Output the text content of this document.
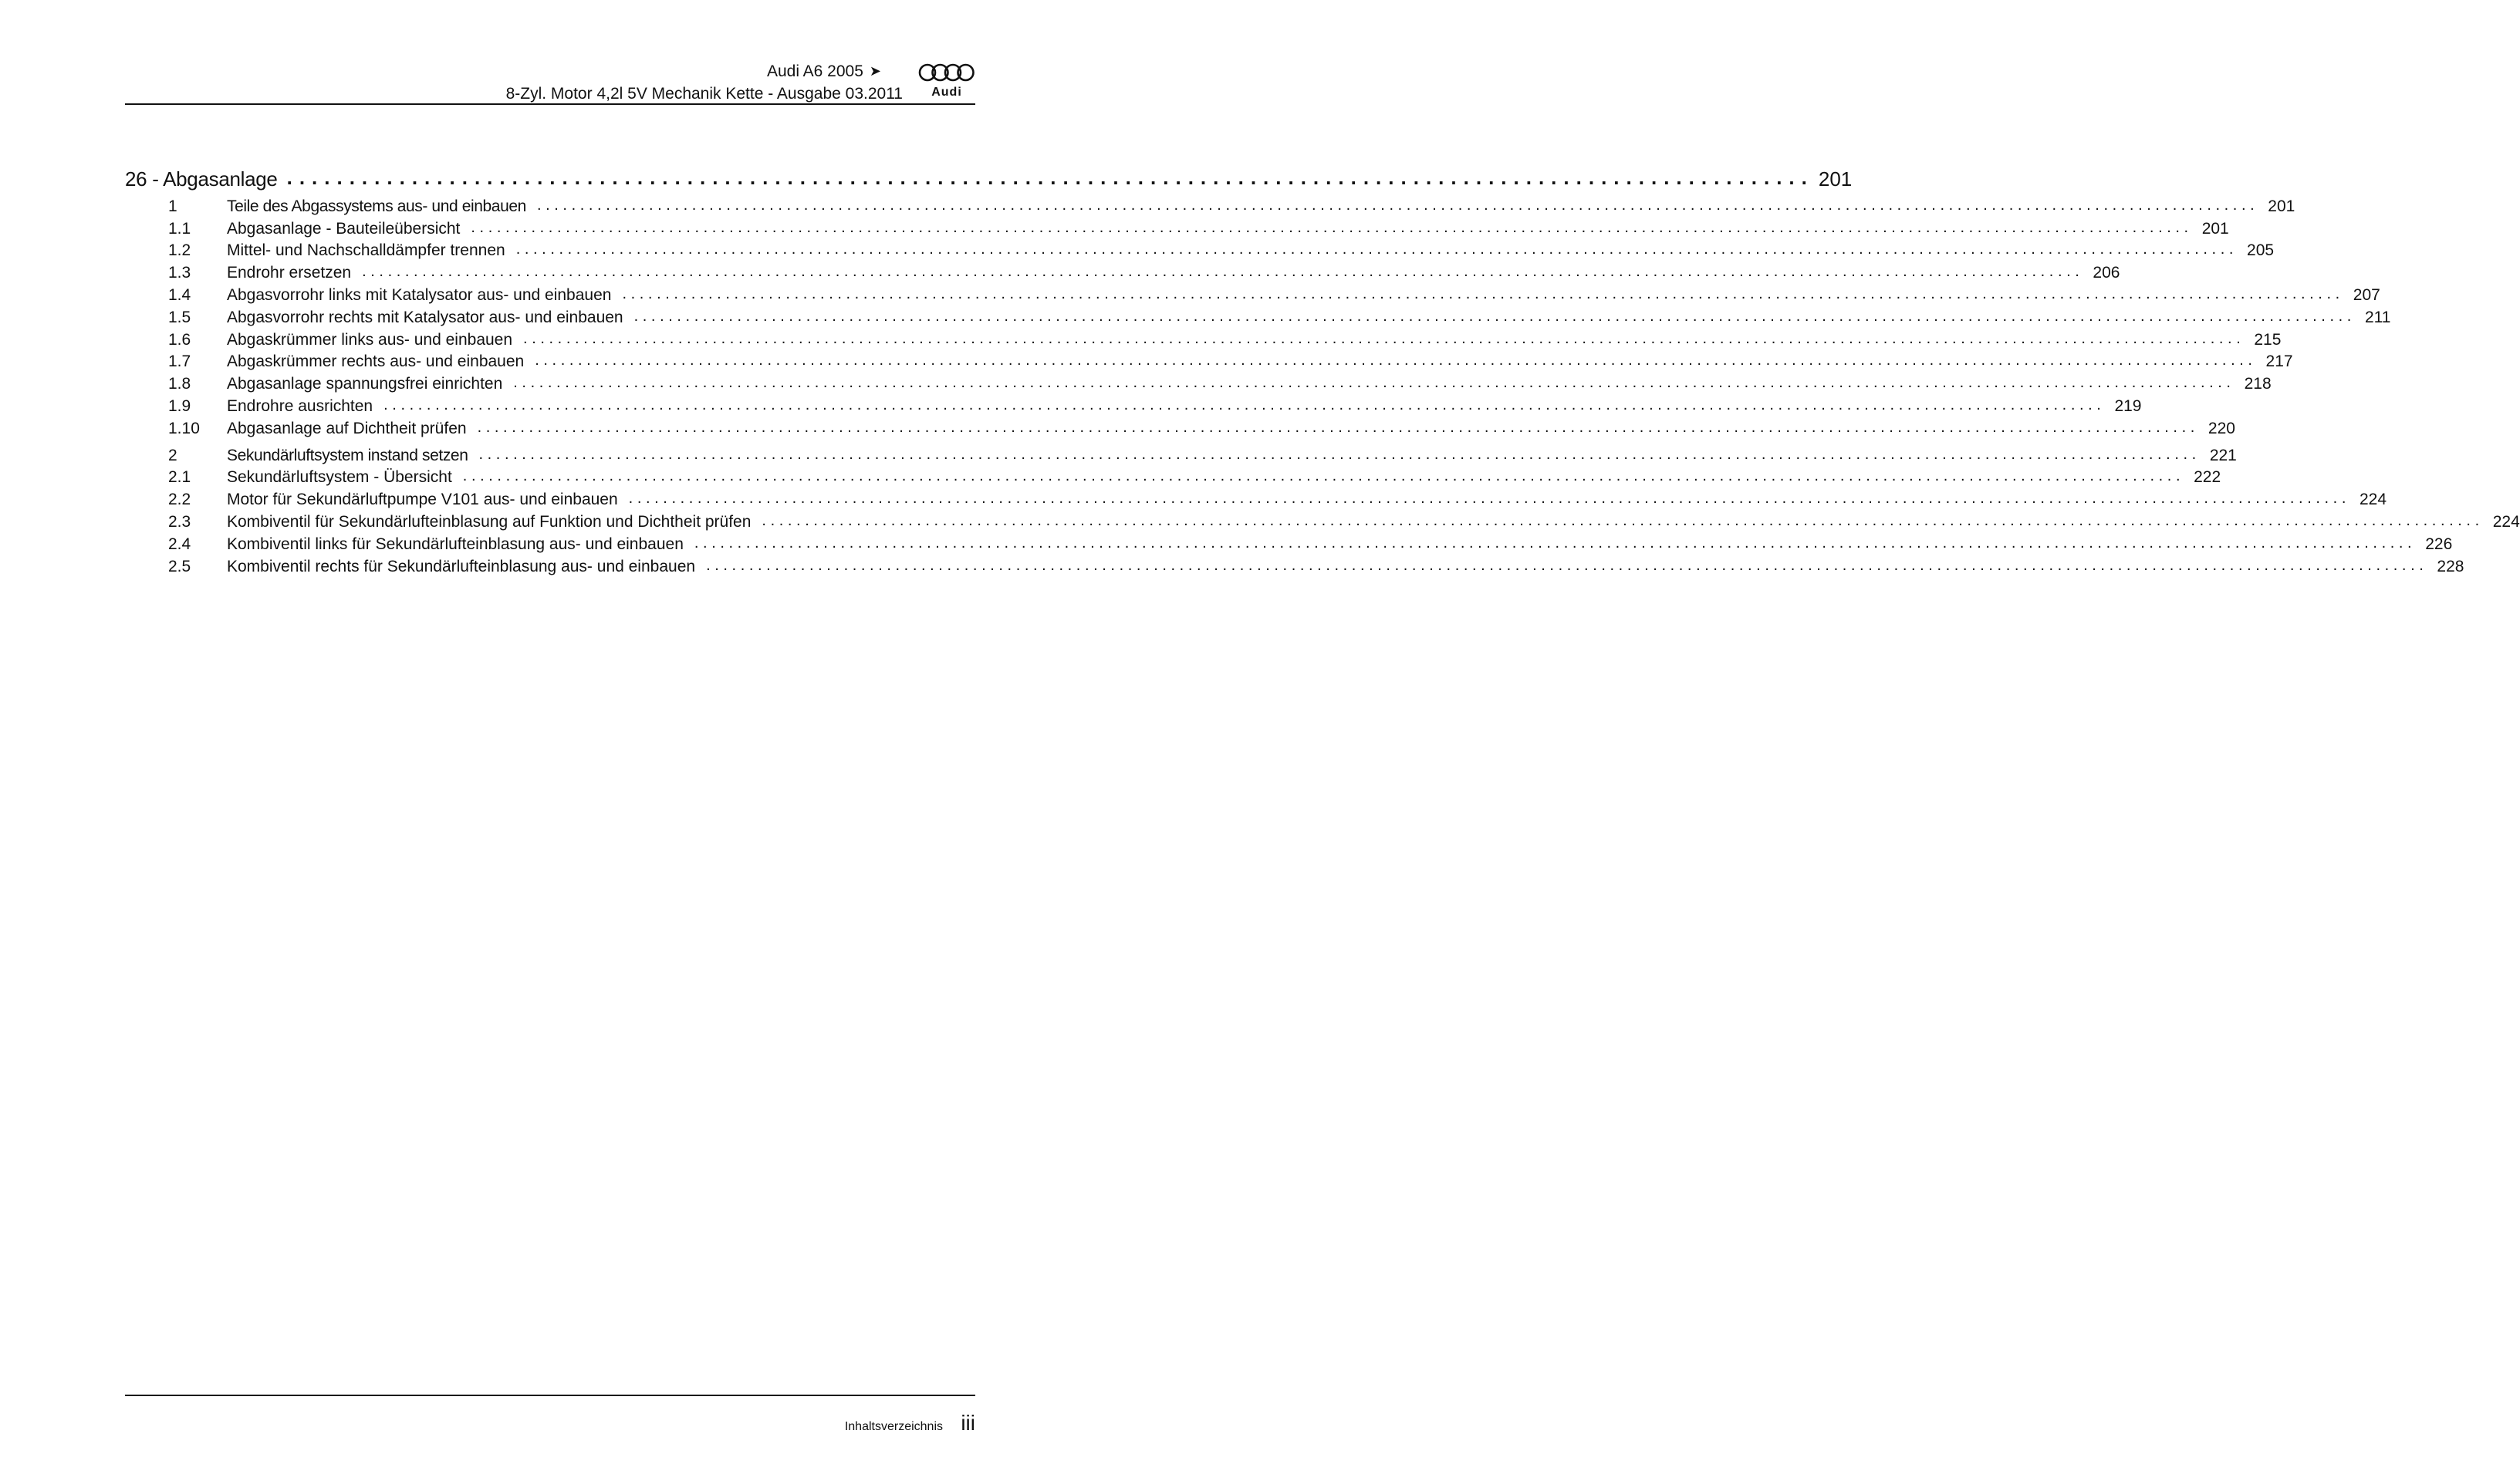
Audi A6 2005 ➤
8-Zyl. Motor 4,2l 5V Mechanik Kette - Ausgabe 03.2011	Audi
26 - Abgasanlage .......................................................................................................................... 201
1	Teile des Abgassystems aus- und einbauen ........................................................................................................................................................................................................ 201
1.1	Abgasanlage - Bauteileübersicht ........................................................................................................................................................................................................ 201
1.2	Mittel- und Nachschalldämpfer trennen ........................................................................................................................................................................................................ 205
1.3	Endrohr ersetzen ........................................................................................................................................................................................................ 206
1.4	Abgasvorrohr links mit Katalysator aus- und einbauen ........................................................................................................................................................................................................ 207
1.5	Abgasvorrohr rechts mit Katalysator aus- und einbauen ........................................................................................................................................................................................................ 211
1.6	Abgaskrümmer links aus- und einbauen ........................................................................................................................................................................................................ 215
1.7	Abgaskrümmer rechts aus- und einbauen ........................................................................................................................................................................................................ 217
1.8	Abgasanlage spannungsfrei einrichten ........................................................................................................................................................................................................ 218
1.9	Endrohre ausrichten ........................................................................................................................................................................................................ 219
1.10	Abgasanlage auf Dichtheit prüfen ........................................................................................................................................................................................................ 220
2	Sekundärluftsystem instand setzen ........................................................................................................................................................................................................ 221
2.1	Sekundärluftsystem - Übersicht ........................................................................................................................................................................................................ 222
2.2	Motor für Sekundärluftpumpe V101 aus- und einbauen ........................................................................................................................................................................................................ 224
2.3	Kombiventil für Sekundärlufteinblasung auf Funktion und Dichtheit prüfen ........................................................................................................................................................................................................ 224
2.4	Kombiventil links für Sekundärlufteinblasung aus- und einbauen ........................................................................................................................................................................................................ 226
2.5	Kombiventil rechts für Sekundärlufteinblasung aus- und einbauen ........................................................................................................................................................................................................ 228
Inhaltsverzeichnis iii
